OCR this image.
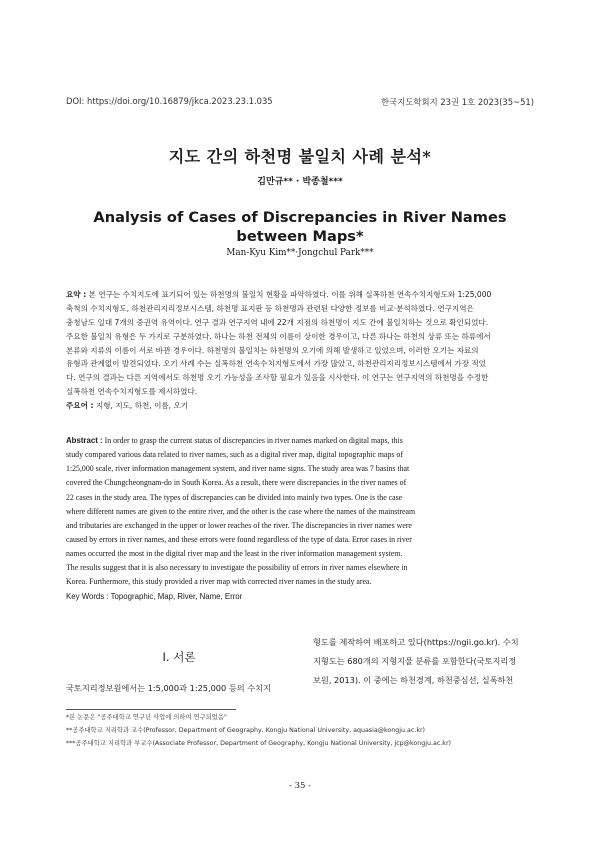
DOI: https://doi.org/10.16879/jkca.2023.23.1.035	한국지도학회지 23권 1호 2023(35~51)
지도 간의 하천명 불일치 사례 분석*
김만규** · 박종철***
Analysis of Cases of Discrepancies in River Names
between Maps*
Man-Kyu Kim**·Jongchul Park***
요약 : 본 연구는 수치지도에 표기되어 있는 하천명의 불일치 현황을 파악하였다. 이를 위해 실폭하천 연속수치지형도와 1:25,000
축척의 수치지형도, 하천관리지리정보시스템, 하천명 표지판 등 하천명과 관련된 다양한 정보를 비교·분석하였다. 연구지역은
충청남도 일대 7개의 중권역 유역이다. 연구 결과 연구지역 내에 22개 지점의 하천명이 지도 간에 불일치하는 것으로 확인되었다.
주요한 불일치 유형은 두 가지로 구분하였다. 하나는 하천 전체의 이름이 상이한 경우이고, 다른 하나는 하천의 상류 또는 하류에서
본류와 지류의 이름이 서로 바뀐 경우이다. 하천명의 불일치는 하천명의 오기에 의해 발생하고 있었으며, 이러한 오기는 자료의
유형과 관계없이 발견되었다. 오기 사례 수는 실폭하천 연속수치지형도에서 가장 많았고, 하천관리지리정보시스템에서 가장 적었
다. 연구의 결과는 다른 지역에서도 하천명 오기 가능성을 조사할 필요가 있음을 시사한다. 이 연구는 연구지역의 하천명을 수정한
실폭하천 연속수치지형도를 제시하였다.
주요어 : 지형, 지도, 하천, 이름, 오기
Abstract : In order to grasp the current status of discrepancies in river names marked on digital maps, this
study compared various data related to river names, such as a digital river map, digital topographic maps of
1:25,000 scale, river information management system, and river name signs. The study area was 7 basins that
covered the Chungcheongnam-do in South Korea. As a result, there were discrepancies in the river names of
22 cases in the study area. The types of discrepancies can be divided into mainly two types. One is the case
where different names are given to the entire river, and the other is the case where the names of the mainstream
and tributaries are exchanged in the upper or lower reaches of the river. The discrepancies in river names were
caused by errors in river names, and these errors were found regardless of the type of data. Error cases in river
names occurred the most in the digital river map and the least in the river information management system.
The results suggest that it is also necessary to investigate the possibility of errors in river names elsewhere in
Korea. Furthermore, this study provided a river map with corrected river names in the study area.
Key Words : Topographic, Map, River, Name, Error
I. 서론
국토지리정보원에서는 1:5,000과 1:25,000 등의 수치지
형도를 제작하여 배포하고 있다(https://ngii.go.kr). 수치
지형도는 680개의 지형지물 분류를 포함한다(국토지리정
보원, 2013). 이 중에는 하천경계, 하천중심선, 실폭하천
*본 논문은 "공주대학교 연구년 사업에 의하여 연구되었음"
**공주대학교 지리학과 교수(Professor, Department of Geography, Kongju National University, aquasia@kongju.ac.kr)
***공주대학교 지리학과 부교수(Associate Professor, Department of Geography, Kongju National University, jcp@kongju.ac.kr)
- 35 -
